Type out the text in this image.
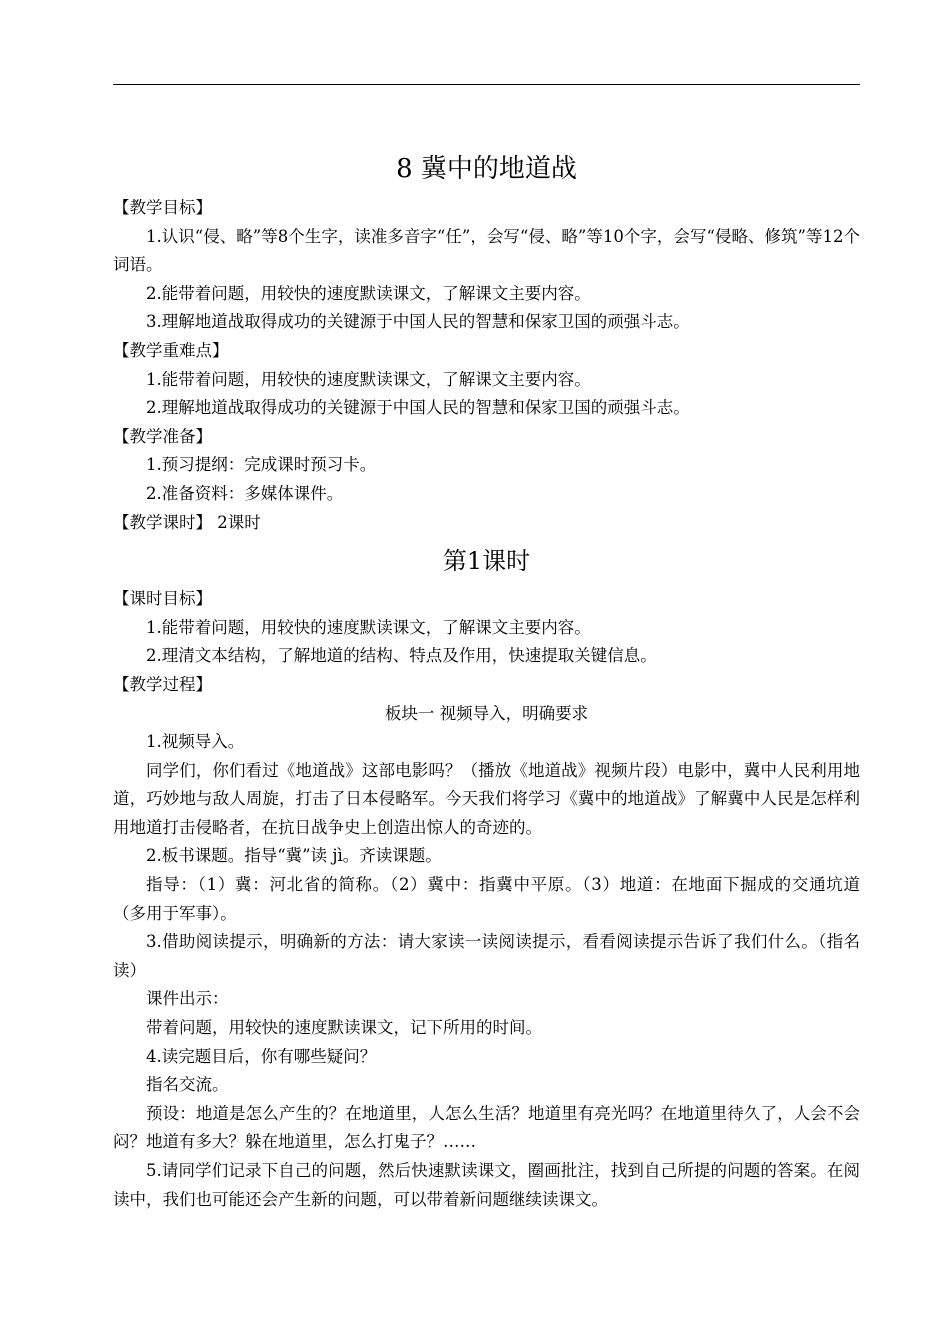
8 冀中的地道战

【教学目标】

1.认识“侵、略”等8个生字，读准多音字“任”，会写“侵、略”等10个字，会写“侵略、修筑”等12个词语。

2.能带着问题，用较快的速度默读课文，了解课文主要内容。

3.理解地道战取得成功的关键源于中国人民的智慧和保家卫国的顽强斗志。

【教学重难点】

1.能带着问题，用较快的速度默读课文，了解课文主要内容。

2.理解地道战取得成功的关键源于中国人民的智慧和保家卫国的顽强斗志。

【教学准备】

1.预习提纲：完成课时预习卡。

2.准备资料：多媒体课件。

【教学课时】 2课时

第1课时

【课时目标】

1.能带着问题，用较快的速度默读课文，了解课文主要内容。

2.理清文本结构，了解地道的结构、特点及作用，快速提取关键信息。

【教学过程】

板块一 视频导入，明确要求

1.视频导入。

同学们，你们看过《地道战》这部电影吗？（播放《地道战》视频片段）电影中，冀中人民利用地道，巧妙地与敌人周旋，打击了日本侵略军。今天我们将学习《冀中的地道战》了解冀中人民是怎样利用地道打击侵略者，在抗日战争史上创造出惊人的奇迹的。

2.板书课题。指导“冀”读 jì。齐读课题。

指导：（1）冀：河北省的简称。（2）冀中：指冀中平原。（3）地道：在地面下掘成的交通坑道（多用于军事）。

3.借助阅读提示，明确新的方法：请大家读一读阅读提示，看看阅读提示告诉了我们什么。（指名读）

课件出示：

带着问题，用较快的速度默读课文，记下所用的时间。

4.读完题目后，你有哪些疑问？

指名交流。

预设：地道是怎么产生的？在地道里，人怎么生活？地道里有亮光吗？在地道里待久了，人会不会闷？地道有多大？躲在地道里，怎么打鬼子？……

5.请同学们记录下自己的问题，然后快速默读课文，圈画批注，找到自己所提的问题的答案。在阅读中，我们也可能还会产生新的问题，可以带着新问题继续读课文。
